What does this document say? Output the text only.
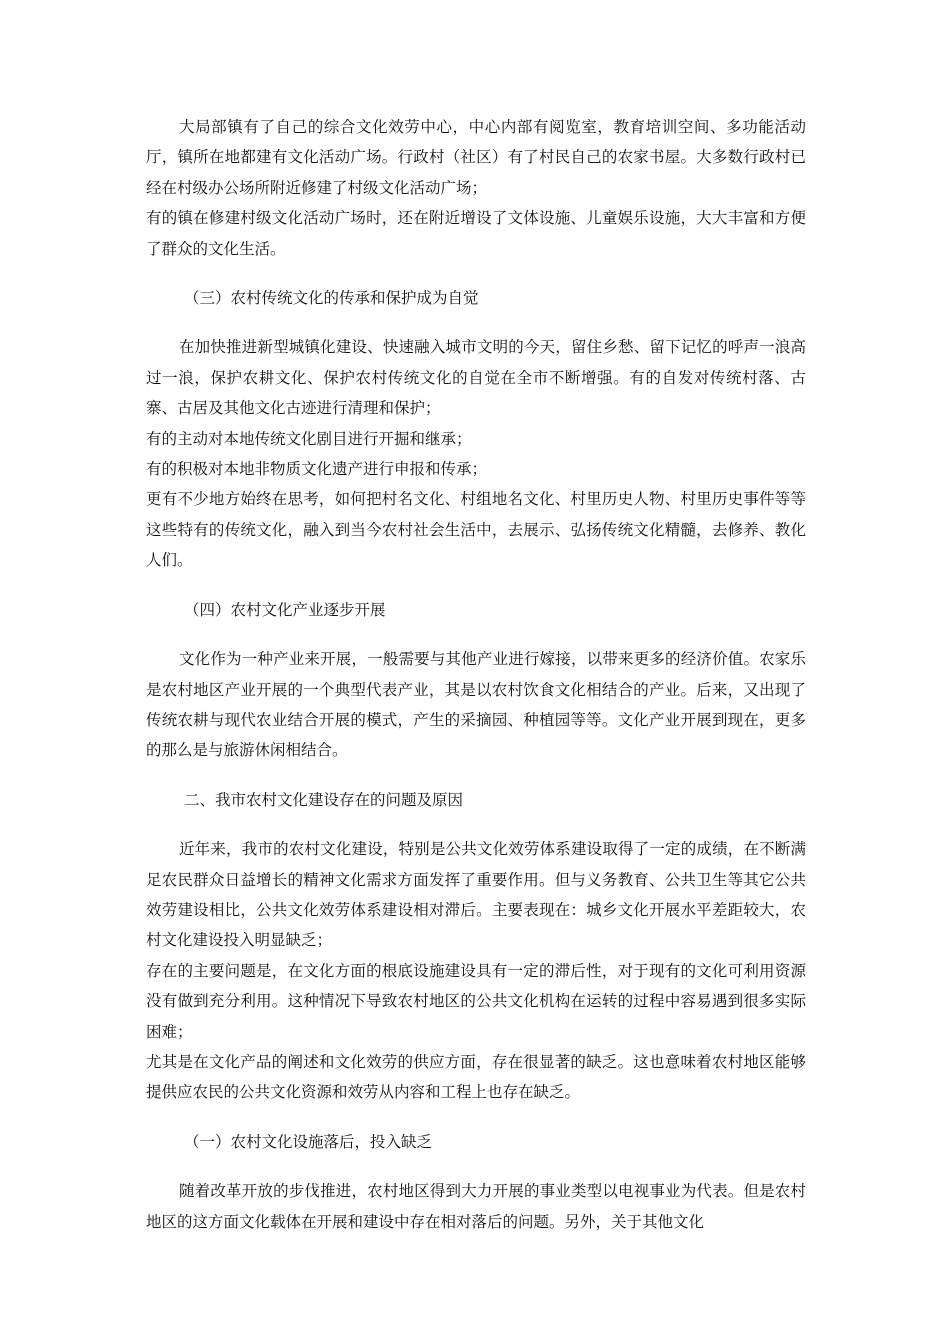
大局部镇有了自己的综合文化效劳中心，中心内部有阅览室，教育培训空间、多功能活动厅，镇所在地都建有文化活动广场。行政村（社区）有了村民自己的农家书屋。大多数行政村已经在村级办公场所附近修建了村级文化活动广场；

有的镇在修建村级文化活动广场时，还在附近增设了文体设施、儿童娱乐设施，大大丰富和方便了群众的文化生活。

（三）农村传统文化的传承和保护成为自觉

在加快推进新型城镇化建设、快速融入城市文明的今天，留住乡愁、留下记忆的呼声一浪高过一浪，保护农耕文化、保护农村传统文化的自觉在全市不断增强。有的自发对传统村落、古寨、古居及其他文化古迹进行清理和保护；

有的主动对本地传统文化剧目进行开掘和继承；

有的积极对本地非物质文化遗产进行申报和传承；

更有不少地方始终在思考，如何把村名文化、村组地名文化、村里历史人物、村里历史事件等等这些特有的传统文化，融入到当今农村社会生活中，去展示、弘扬传统文化精髓，去修养、教化人们。

（四）农村文化产业逐步开展

文化作为一种产业来开展，一般需要与其他产业进行嫁接，以带来更多的经济价值。农家乐是农村地区产业开展的一个典型代表产业，其是以农村饮食文化相结合的产业。后来，又出现了传统农耕与现代农业结合开展的模式，产生的采摘园、种植园等等。文化产业开展到现在，更多的那么是与旅游休闲相结合。

二、我市农村文化建设存在的问题及原因

近年来，我市的农村文化建设，特别是公共文化效劳体系建设取得了一定的成绩，在不断满足农民群众日益增长的精神文化需求方面发挥了重要作用。但与义务教育、公共卫生等其它公共效劳建设相比，公共文化效劳体系建设相对滞后。主要表现在：城乡文化开展水平差距较大，农村文化建设投入明显缺乏；

存在的主要问题是，在文化方面的根底设施建设具有一定的滞后性，对于现有的文化可利用资源没有做到充分利用。这种情况下导致农村地区的公共文化机构在运转的过程中容易遇到很多实际困难；

尤其是在文化产品的阐述和文化效劳的供应方面，存在很显著的缺乏。这也意味着农村地区能够提供应农民的公共文化资源和效劳从内容和工程上也存在缺乏。

（一）农村文化设施落后，投入缺乏

随着改革开放的步伐推进，农村地区得到大力开展的事业类型以电视事业为代表。但是农村地区的这方面文化载体在开展和建设中存在相对落后的问题。另外，关于其他文化
